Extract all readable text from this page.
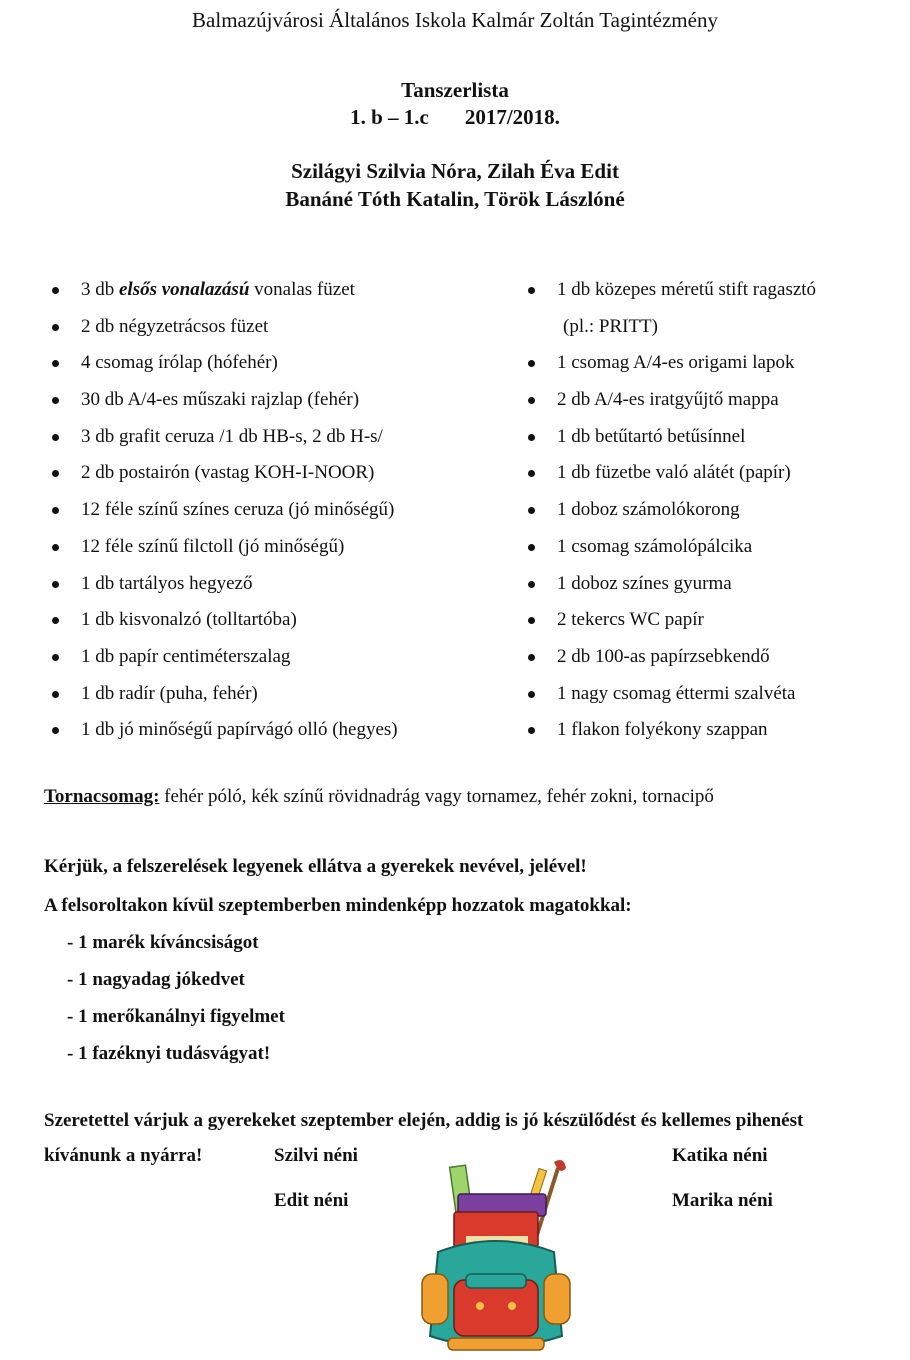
Balmazújvárosi Általános Iskola Kalmár Zoltán Tagintézmény
Tanszerlista
1. b – 1.c 2017/2018.
Szilágyi Szilvia Nóra, Zilah Éva Edit
Banáné Tóth Katalin, Török Lászlóné
3 db elsős vonalazású vonalas füzet
2 db négyzetrácsos füzet
4 csomag írólap (hófehér)
30 db A/4-es műszaki rajzlap (fehér)
3 db grafit ceruza /1 db HB-s, 2 db H-s/
2 db postairón (vastag KOH-I-NOOR)
12 féle színű színes ceruza (jó minőségű)
12 féle színű filctoll (jó minőségű)
1 db tartályos hegyező
1 db kisvonalzó (tolltartóba)
1 db papír centiméterszalag
1 db radír (puha, fehér)
1 db jó minőségű papírvágó olló (hegyes)
1 db közepes méretű stift ragasztó
(pl.: PRITT)
1 csomag A/4-es origami lapok
2 db A/4-es iratgyűjtő mappa
1 db betűtartó betűsínnel
1 db füzetbe való alátét (papír)
1 doboz számolókorong
1 csomag számolópálcika
1 doboz színes gyurma
2 tekercs WC papír
2 db 100-as papírzsebkendő
1 nagy csomag éttermi szalvéta
1 flakon folyékony szappan
Tornacsomag: fehér póló, kék színű rövidnadrág vagy tornamez, fehér zokni, tornacipő
Kérjük, a felszerelések legyenek ellátva a gyerekek nevével, jelével!
A felsoroltakon kívül szeptemberben mindenképp hozzatok magatokkal:
- 1 marék kíváncsiságot
- 1 nagyadag jókedvet
- 1 merőkanálnyi figyelmet
- 1 fazéknyi tudásvágyat!
Szeretettel várjuk a gyerekeket szeptember elején, addig is jó készülődést és kellemes pihenést
kívánunk a nyárra!	Szilvi néni	Katika néni
Edit néni	Marika néni
